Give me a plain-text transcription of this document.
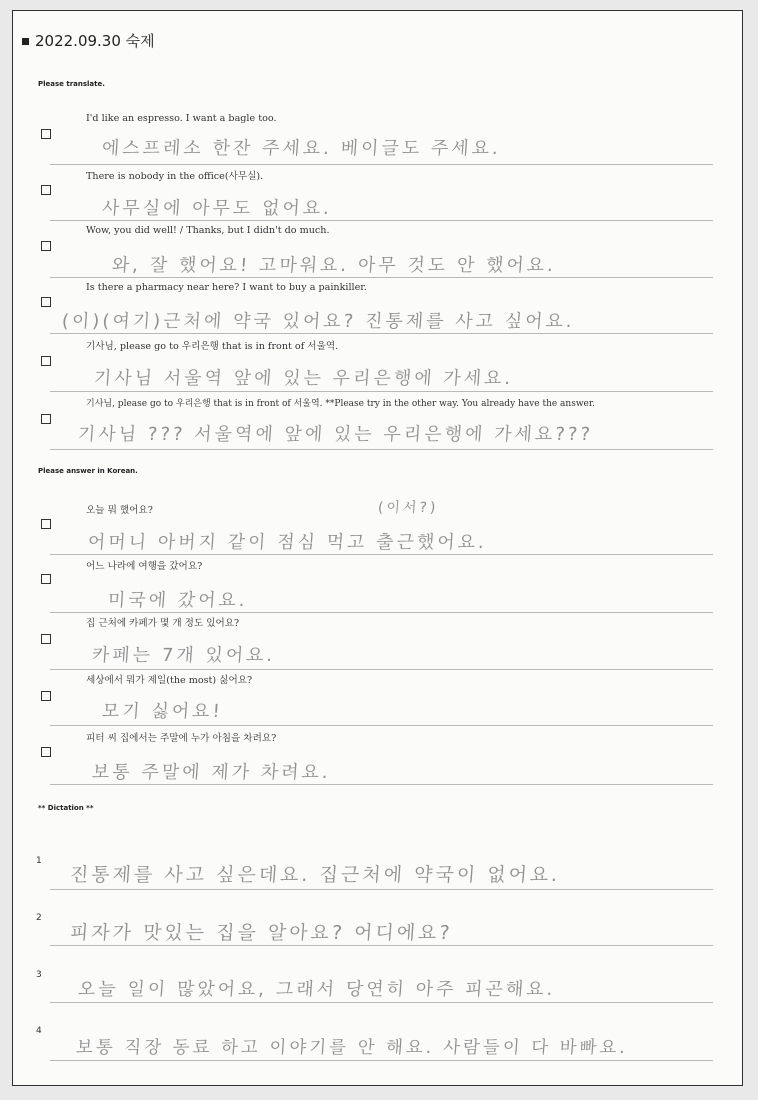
2022.09.30 숙제
Please translate.
I'd like an espresso. I want a bagle too.
에스프레소 한잔 주세요. 베이글도 주세요.
There is nobody in the office(사무실).
사무실에 아무도 없어요.
Wow, you did well! / Thanks, but I didn't do much.
와, 잘 했어요! 고마워요. 아무 것도 안 했어요.
Is there a pharmacy near here? I want to buy a painkiller.
(이)(여기)근처에 약국 있어요? 진통제를 사고 싶어요.
기사님, please go to 우리은행 that is in front of 서울역.
기사님 서울역 앞에 있는 우리은행에 가세요.
기사님, please go to 우리은행 that is in front of 서울역. **Please try in the other way. You already have the answer.
기사님 ??? 서울역에 앞에 있는 우리은행에 가세요???
Please answer in Korean.
(이서?)
오늘 뭐 했어요?
어머니 아버지 같이 점심 먹고 출근했어요.
어느 나라에 여행을 갔어요?
미국에 갔어요.
집 근처에 카페가 몇 개 정도 있어요?
카페는 7개 있어요.
세상에서 뭐가 제일(the most) 싫어요?
모기 싫어요!
피터 씨 집에서는 주말에 누가 아침을 차려요?
보통 주말에 제가 차려요.
** Dictation **
1
진통제를 사고 싶은데요. 집근처에 약국이 없어요.
2
피자가 맛있는 집을 알아요? 어디에요?
3
오늘 일이 많았어요, 그래서 당연히 아주 피곤해요.
4
보통 직장 동료 하고 이야기를 안 해요. 사람들이 다 바빠요.
